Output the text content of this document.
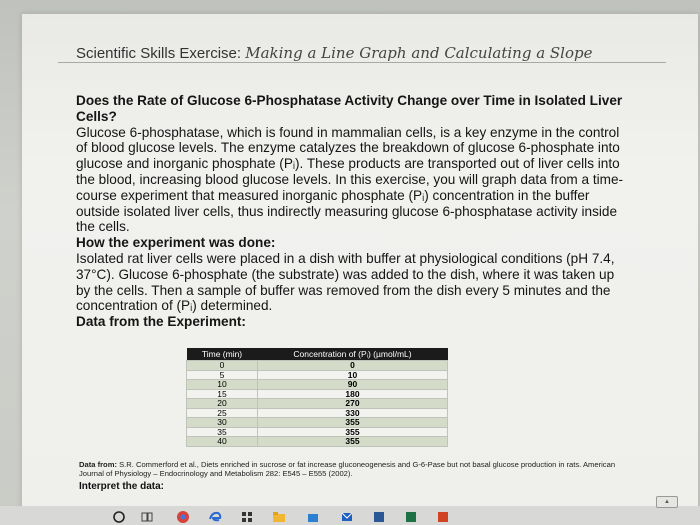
Scientific Skills Exercise: Making a Line Graph and Calculating a Slope
Does the Rate of Glucose 6-Phosphatase Activity Change over Time in Isolated Liver Cells?

Glucose 6-phosphatase, which is found in mammalian cells, is a key enzyme in the control of blood glucose levels. The enzyme catalyzes the breakdown of glucose 6-phosphate into glucose and inorganic phosphate (Pᵢ). These products are transported out of liver cells into the blood, increasing blood glucose levels. In this exercise, you will graph data from a time-course experiment that measured inorganic phosphate (Pᵢ) concentration in the buffer outside isolated liver cells, thus indirectly measuring glucose 6-phosphatase activity inside the cells.

How the experiment was done:

Isolated rat liver cells were placed in a dish with buffer at physiological conditions (pH 7.4, 37°C). Glucose 6-phosphate (the substrate) was added to the dish, where it was taken up by the cells. Then a sample of buffer was removed from the dish every 5 minutes and the concentration of (Pᵢ) determined.

Data from the Experiment:
Time (min)	Concentration of (Pᵢ) (µmol/mL)
0	0
5	10
10	90
15	180
20	270
25	330
30	355
35	355
40	355
Data from: S.R. Commerford et al., Diets enriched in sucrose or fat increase gluconeogenesis and G-6-Pase but not basal glucose production in rats. American Journal of Physiology – Endocrinology and Metabolism 282: E545 – E555 (2002).
Interpret the data:
▲
